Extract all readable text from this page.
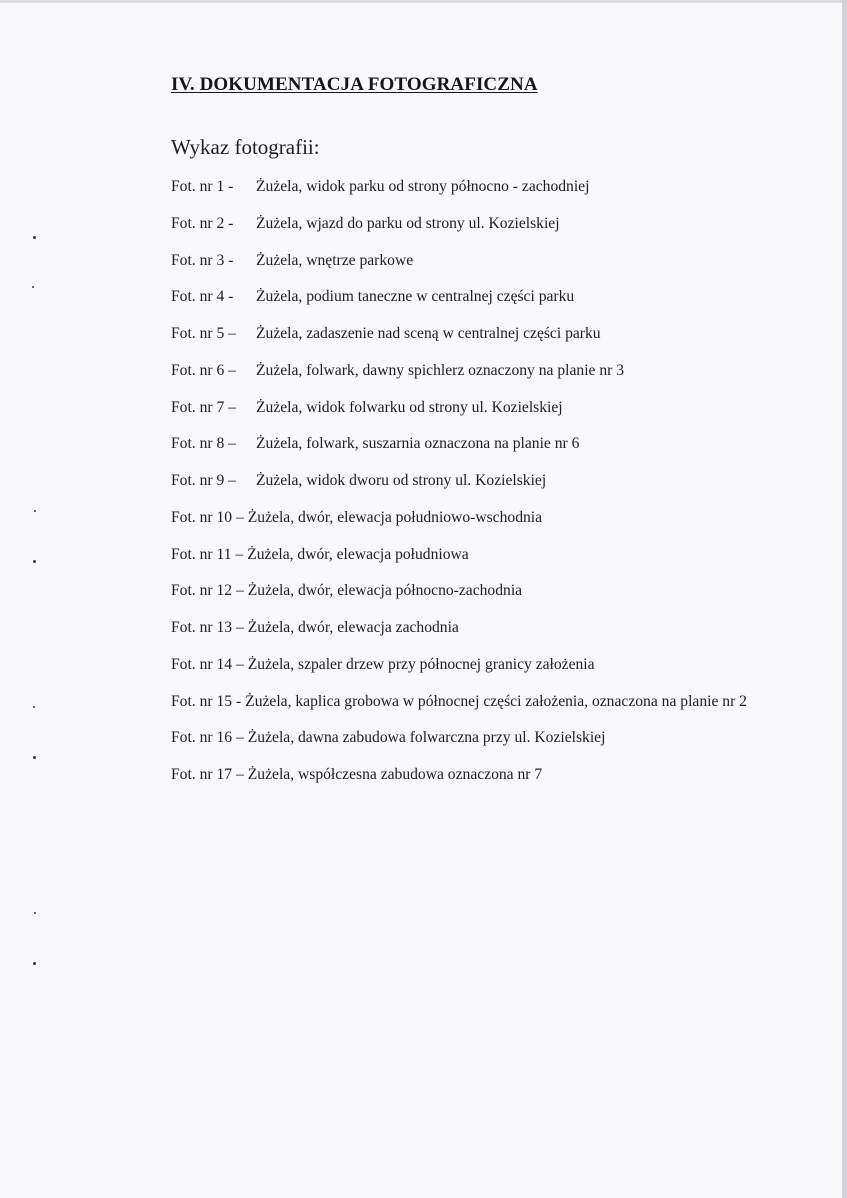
IV. DOKUMENTACJA FOTOGRAFICZNA
Wykaz fotografii:
Fot. nr 1 - Żużela, widok parku od strony północno - zachodniej
Fot. nr 2 - Żużela, wjazd do parku od strony ul. Kozielskiej
Fot. nr 3 - Żużela, wnętrze parkowe
Fot. nr 4 - Żużela, podium taneczne w centralnej części parku
Fot. nr 5 – Żużela, zadaszenie nad sceną w centralnej części parku
Fot. nr 6 – Żużela, folwark, dawny spichlerz oznaczony na planie nr 3
Fot. nr 7 – Żużela, widok folwarku od strony ul. Kozielskiej
Fot. nr 8 – Żużela, folwark, suszarnia oznaczona na planie nr 6
Fot. nr 9 – Żużela, widok dworu od strony ul. Kozielskiej
Fot. nr 10 – Żużela, dwór, elewacja południowo-wschodnia
Fot. nr 11 – Żużela, dwór, elewacja południowa
Fot. nr 12 – Żużela, dwór, elewacja północno-zachodnia
Fot. nr 13 – Żużela, dwór, elewacja zachodnia
Fot. nr 14 – Żużela, szpaler drzew przy północnej granicy założenia
Fot. nr 15 - Żużela, kaplica grobowa w północnej części założenia, oznaczona na planie nr 2
Fot. nr 16 – Żużela, dawna zabudowa folwarczna przy ul. Kozielskiej
Fot. nr 17 – Żużela, współczesna zabudowa oznaczona nr 7
